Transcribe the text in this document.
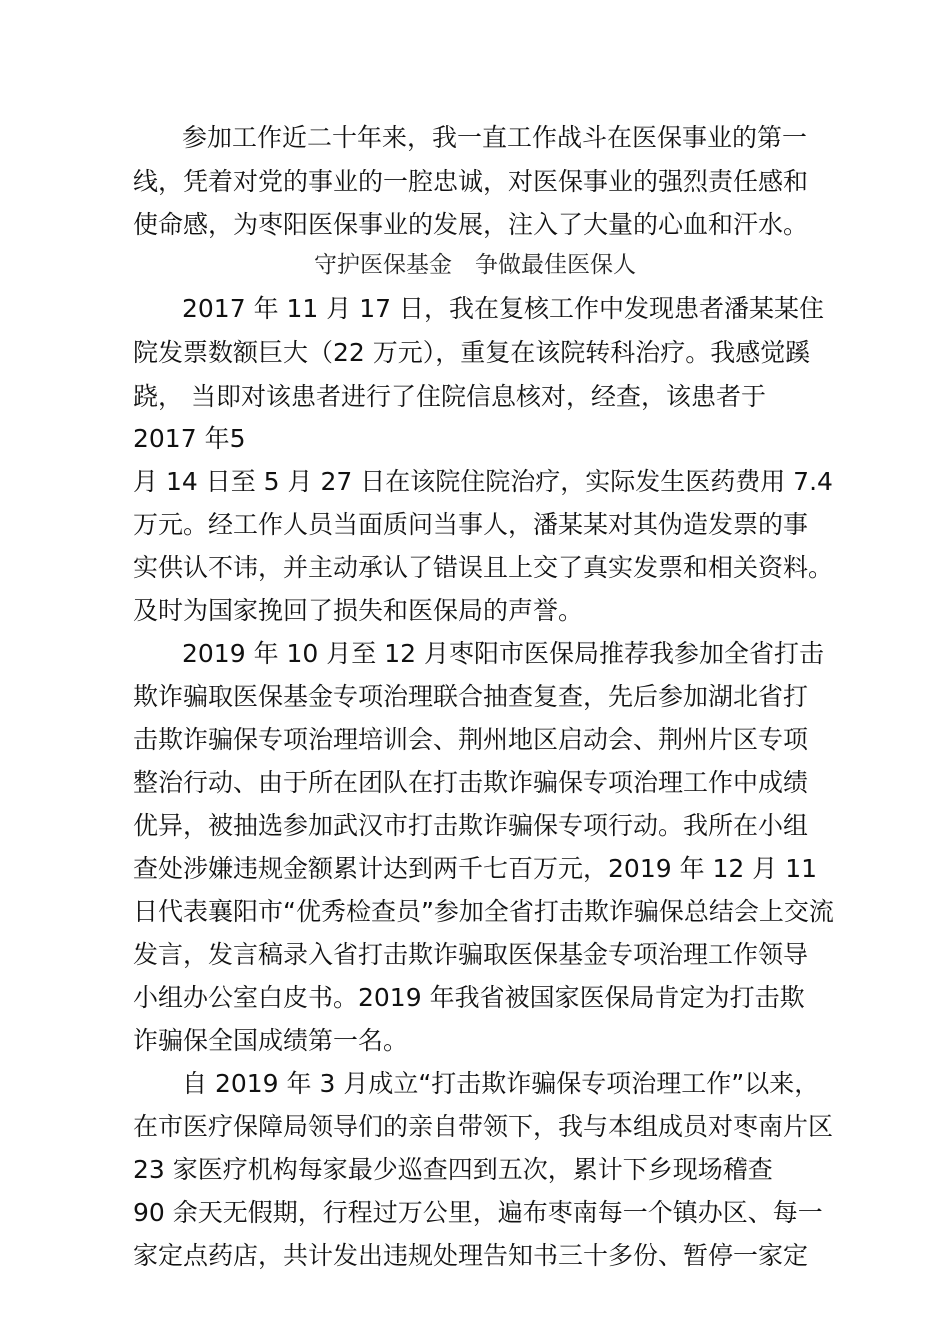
参加工作近二十年来，我一直工作战斗在医保事业的第一
线，凭着对党的事业的一腔忠诚，对医保事业的强烈责任感和
使命感，为枣阳医保事业的发展，注入了大量的心血和汗水。
守护医保基金　争做最佳医保人
2017 年 11 月 17 日，我在复核工作中发现患者潘某某住
院发票数额巨大（22 万元），重复在该院转科治疗。我感觉蹊
跷， 当即对该患者进行了住院信息核对，经查，该患者于
2017 年5
月 14 日至 5 月 27 日在该院住院治疗，实际发生医药费用 7.4
万元。经工作人员当面质问当事人，潘某某对其伪造发票的事
实供认不讳，并主动承认了错误且上交了真实发票和相关资料。
及时为国家挽回了损失和医保局的声誉。
2019 年 10 月至 12 月枣阳市医保局推荐我参加全省打击
欺诈骗取医保基金专项治理联合抽查复查，先后参加湖北省打
击欺诈骗保专项治理培训会、荆州地区启动会、荆州片区专项
整治行动、由于所在团队在打击欺诈骗保专项治理工作中成绩
优异，被抽选参加武汉市打击欺诈骗保专项行动。我所在小组
查处涉嫌违规金额累计达到两千七百万元，2019 年 12 月 11
日代表襄阳市“优秀检查员”参加全省打击欺诈骗保总结会上交流
发言，发言稿录入省打击欺诈骗取医保基金专项治理工作领导
小组办公室白皮书。2019 年我省被国家医保局肯定为打击欺
诈骗保全国成绩第一名。
自 2019 年 3 月成立“打击欺诈骗保专项治理工作”以来，
在市医疗保障局领导们的亲自带领下，我与本组成员对枣南片区
23 家医疗机构每家最少巡查四到五次，累计下乡现场稽查
90 余天无假期，行程过万公里，遍布枣南每一个镇办区、每一
家定点药店，共计发出违规处理告知书三十多份、暂停一家定
